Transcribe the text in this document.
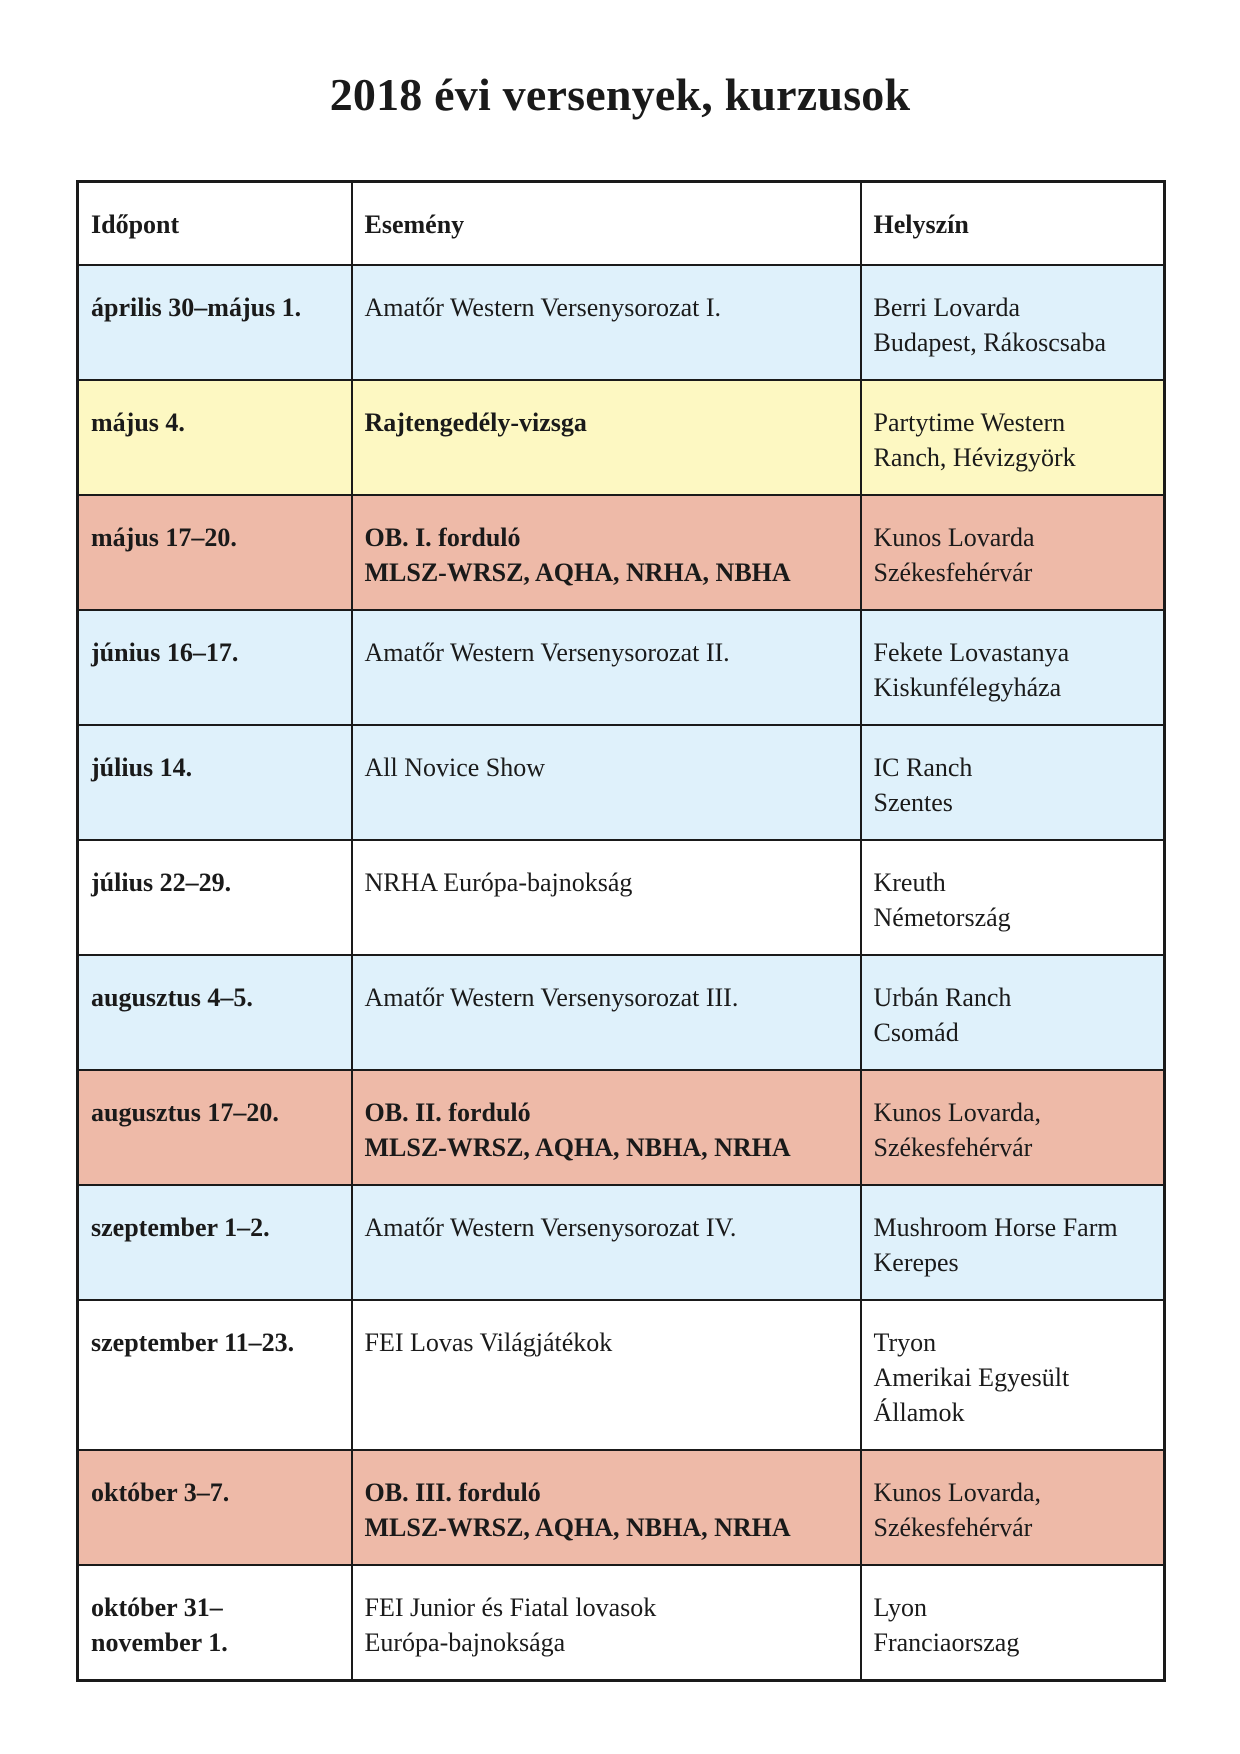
2018 évi versenyek, kurzusok
Időpont	Esemény	Helyszín

április 30–május 1.	Amatőr Western Versenysorozat I.	Berri Lovarda
Budapest, Rákoscsaba

május 4.	Rajtengedély-vizsga	Partytime Western
Ranch, Hévizgyörk

május 17–20.	OB. I. forduló
MLSZ-WRSZ, AQHA, NRHA, NBHA	Kunos Lovarda
Székesfehérvár

június 16–17.	Amatőr Western Versenysorozat II.	Fekete Lovastanya
Kiskunfélegyháza

július 14.	All Novice Show	IC Ranch
Szentes

július 22–29.	NRHA Európa-bajnokság	Kreuth
Németország

augusztus 4–5.	Amatőr Western Versenysorozat III.	Urbán Ranch
Csomád

augusztus 17–20.	OB. II. forduló
MLSZ-WRSZ, AQHA, NBHA, NRHA	Kunos Lovarda,
Székesfehérvár

szeptember 1–2.	Amatőr Western Versenysorozat IV.	Mushroom Horse Farm
Kerepes

szeptember 11–23.	FEI Lovas Világjátékok	Tryon
Amerikai Egyesült
Államok

október 3–7.	OB. III. forduló
MLSZ-WRSZ, AQHA, NBHA, NRHA	Kunos Lovarda,
Székesfehérvár

október 31–
november 1.	FEI Junior és Fiatal lovasok
Európa-bajnoksága	Lyon
Franciaorszag
